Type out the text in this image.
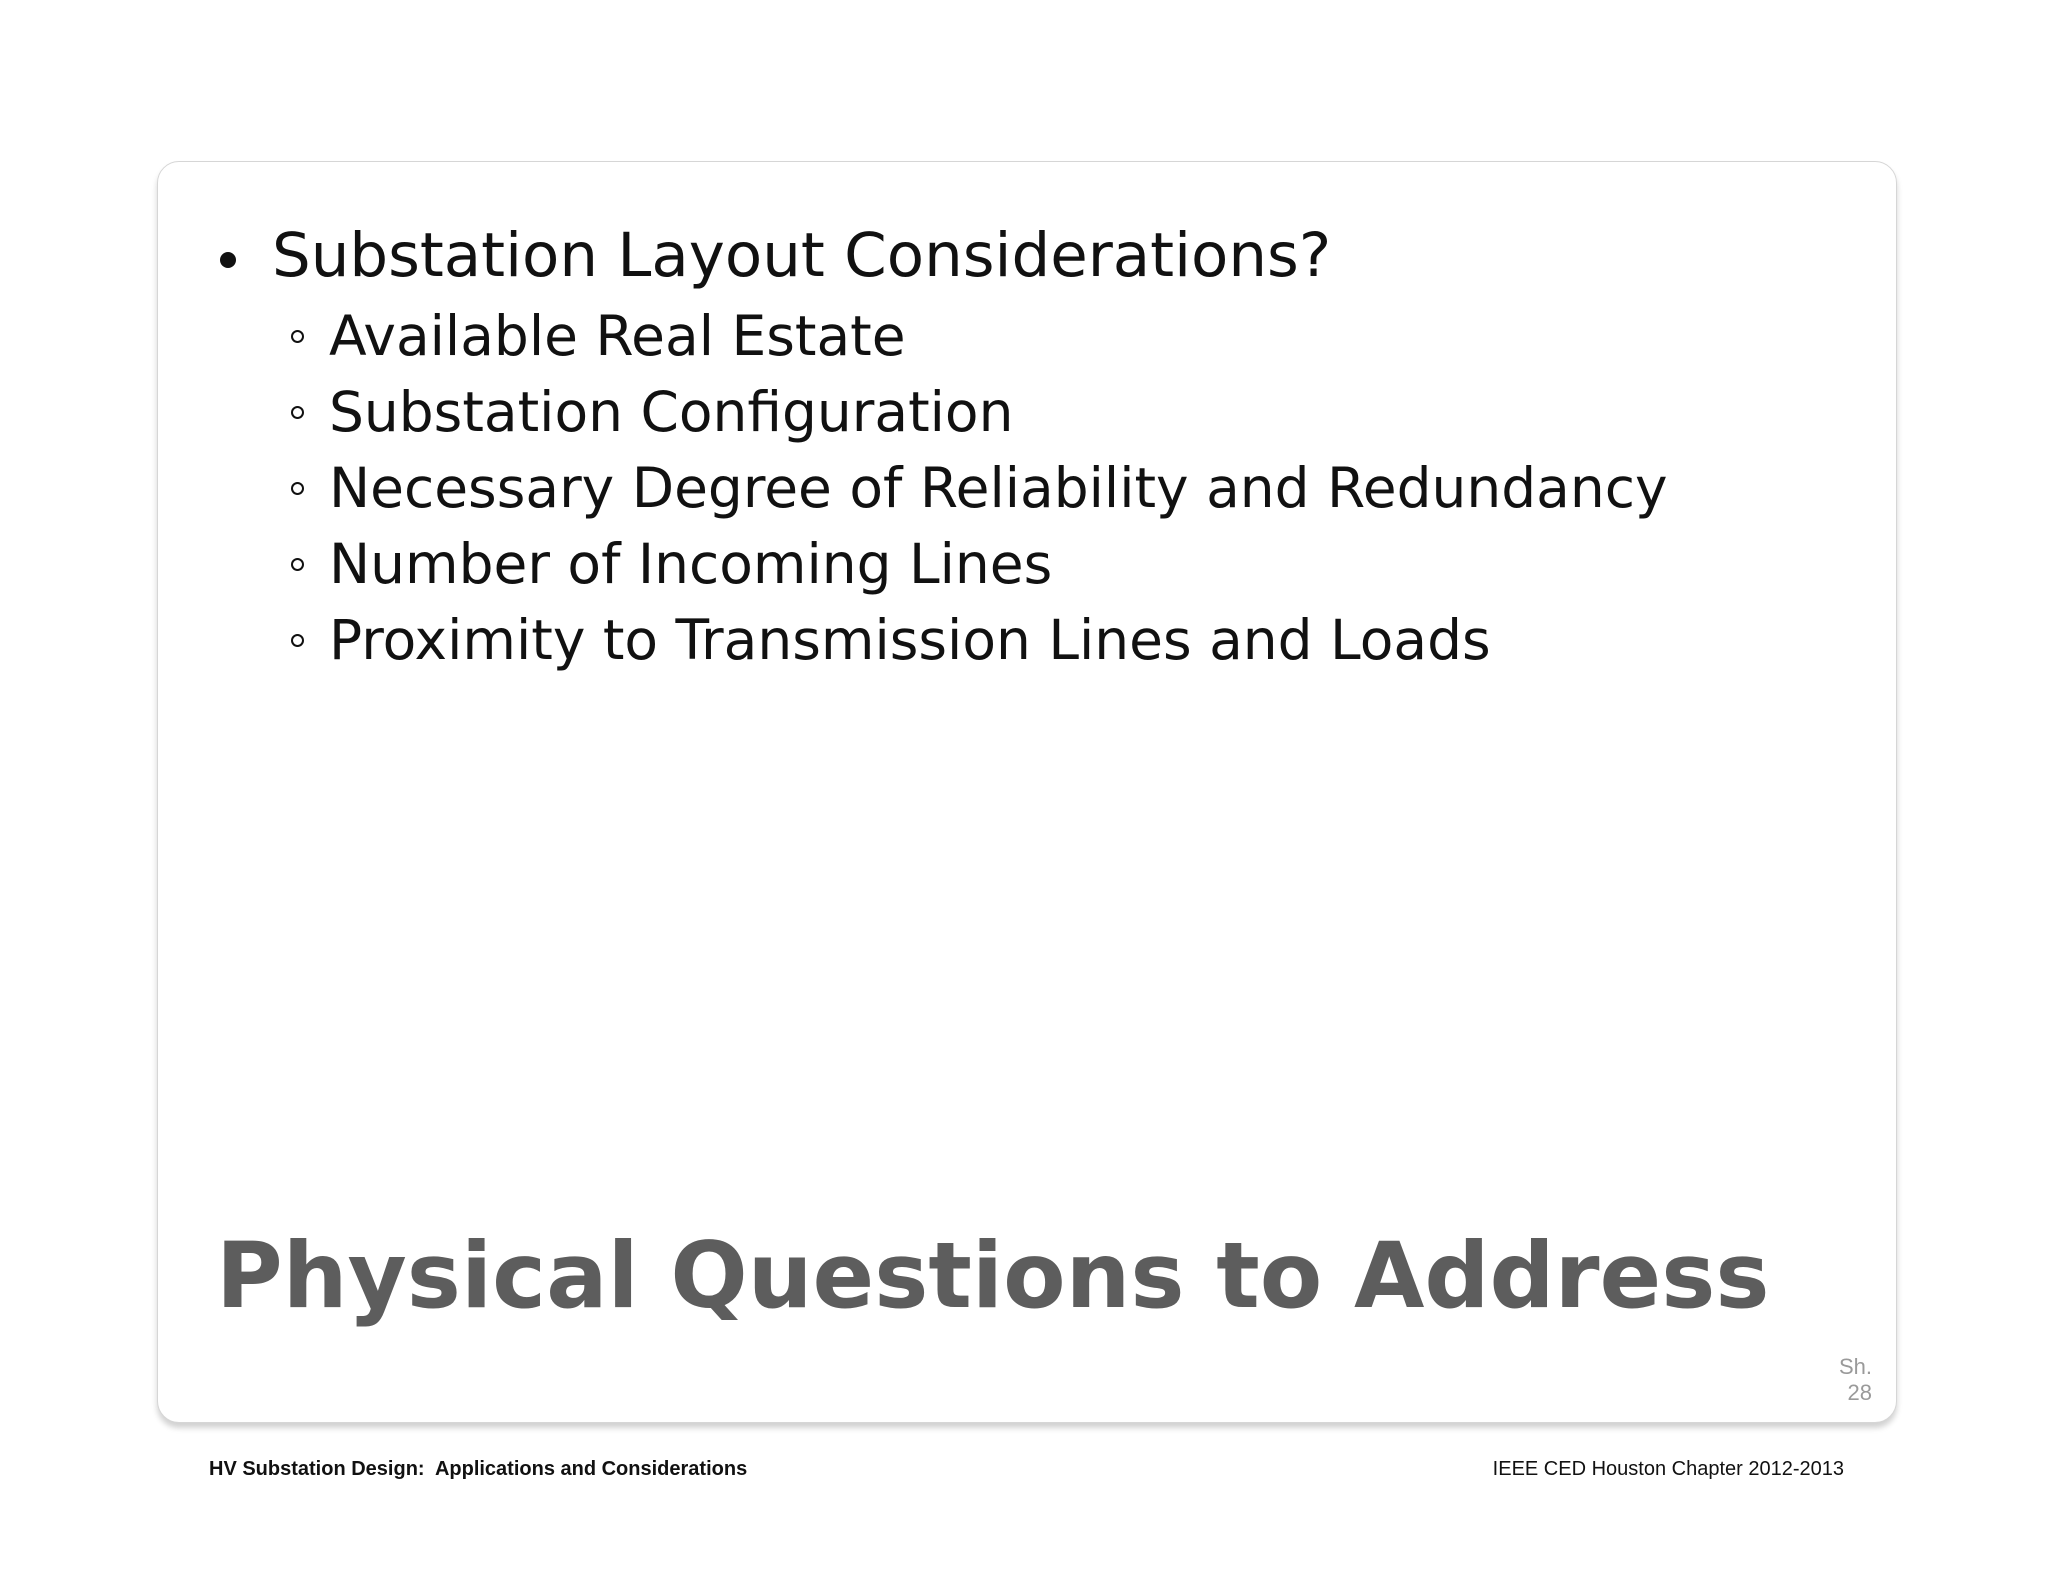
Substation Layout Considerations?
Available Real Estate
Substation Configuration
Necessary Degree of Reliability and Redundancy
Number of Incoming Lines
Proximity to Transmission Lines and Loads
Physical Questions to Address
Sh.
28
HV Substation Design:  Applications and Considerations	IEEE CED Houston Chapter 2012-2013
